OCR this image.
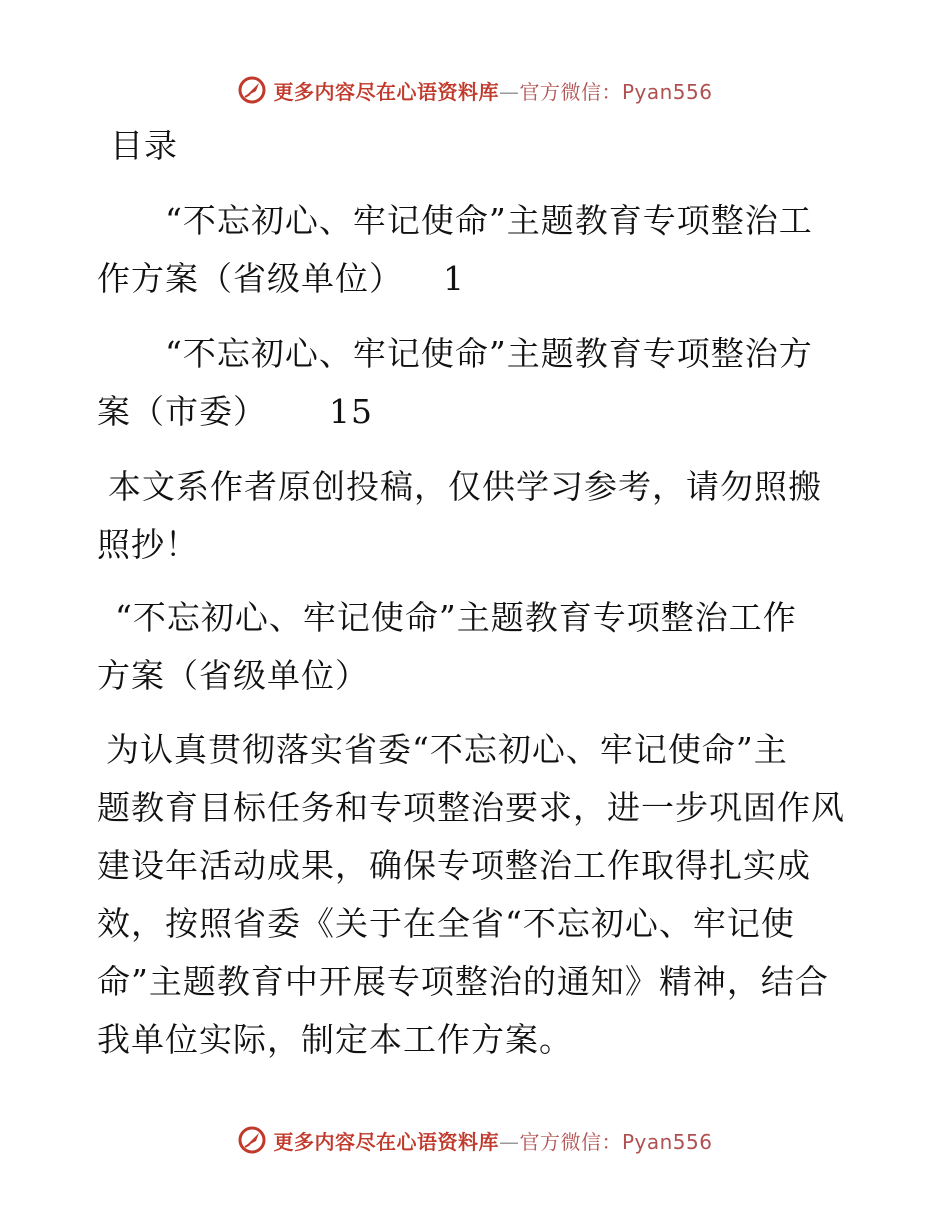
更多内容尽在心语资料库—官方微信：Pyan556
目录
“不忘初心、牢记使命”主题教育专项整治工
作方案（省级单位） 1
“不忘初心、牢记使命”主题教育专项整治方
案（市委） 15
本文系作者原创投稿，仅供学习参考，请勿照搬
照抄！
“不忘初心、牢记使命”主题教育专项整治工作
方案（省级单位）
为认真贯彻落实省委“不忘初心、牢记使命”主
题教育目标任务和专项整治要求，进一步巩固作风
建设年活动成果，确保专项整治工作取得扎实成
效，按照省委《关于在全省“不忘初心、牢记使
命”主题教育中开展专项整治的通知》精神，结合
我单位实际，制定本工作方案。
更多内容尽在心语资料库—官方微信：Pyan556
